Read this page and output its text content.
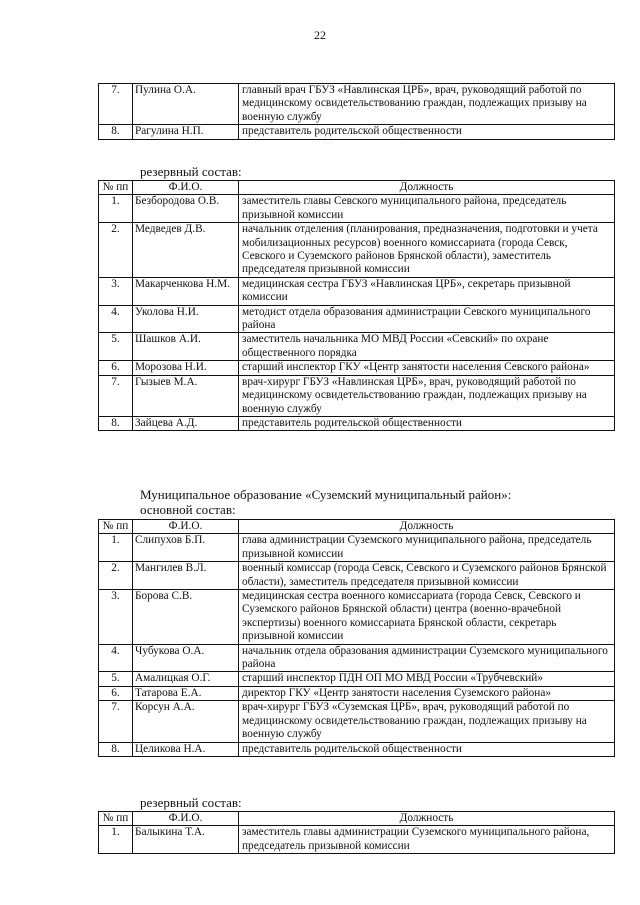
22
7.	Пулина О.А.	главный врач ГБУЗ «Навлинская ЦРБ», врач, руководящий работой по медицинскому освидетельствованию граждан, подлежащих призыву на военную службу
8.	Рагулина Н.П.	представитель родительской общественности
резервный состав:
№ пп	Ф.И.О.	Должность
1.	Безбородова О.В.	заместитель главы Севского муниципального района, председатель призывной комиссии
2.	Медведев Д.В.	начальник отделения (планирования, предназначения, подготовки и учета мобилизационных ресурсов) военного комиссариата (города Севск, Севского и Суземского районов Брянской области), заместитель председателя призывной комиссии
3.	Макарченкова Н.М.	медицинская сестра ГБУЗ «Навлинская ЦРБ», секретарь призывной комиссии
4.	Уколова Н.И.	методист отдела образования администрации Севского муниципального района
5.	Шашков А.И.	заместитель начальника МО МВД России «Севский» по охране общественного порядка
6.	Морозова Н.И.	старший инспектор ГКУ «Центр занятости населения Севского района»
7.	Гызыев М.А.	врач-хирург ГБУЗ «Навлинская ЦРБ», врач, руководящий работой по медицинскому освидетельствованию граждан, подлежащих призыву на военную службу
8.	Зайцева А.Д.	представитель родительской общественности
Муниципальное образование «Суземский муниципальный район»:
основной состав:
№ пп	Ф.И.О.	Должность
1.	Слипухов Б.П.	глава администрации Суземского муниципального района, председатель призывной комиссии
2.	Мангилев В.Л.	военный комиссар (города Севск, Севского и Суземского районов Брянской области), заместитель председателя призывной комиссии
3.	Борова С.В.	медицинская сестра военного комиссариата (города Севск, Севского и Суземского районов Брянской области) центра (военно-врачебной экспертизы) военного комиссариата Брянской области, секретарь призывной комиссии
4.	Чубукова О.А.	начальник отдела образования администрации Суземского муниципального района
5.	Амалицкая О.Г.	старший инспектор ПДН ОП МО МВД России «Трубчевский»
6.	Татарова Е.А.	директор ГКУ «Центр занятости населения Суземского района»
7.	Корсун А.А.	врач-хирург ГБУЗ «Суземская ЦРБ», врач, руководящий работой по медицинскому освидетельствованию граждан, подлежащих призыву на военную службу
8.	Целикова Н.А.	представитель родительской общественности
резервный состав:
№ пп	Ф.И.О.	Должность
1.	Балыкина Т.А.	заместитель главы администрации Суземского муниципального района, председатель призывной комиссии
